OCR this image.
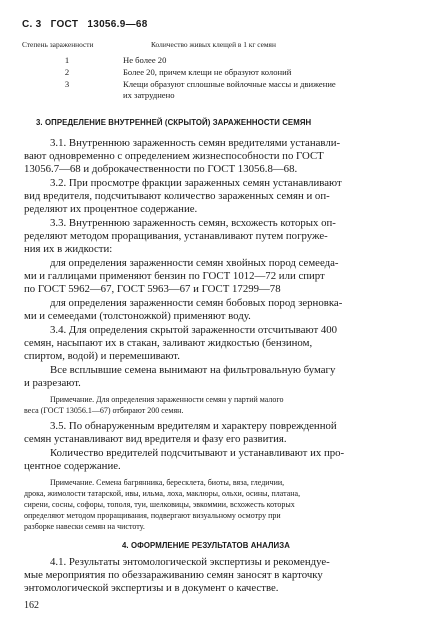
С. 3 ГОСТ 13056.9—68
Степень зараженности	Количество живых клещей в 1 кг семян
1	Не более 20
2	Более 20, причем клещи не образуют колоний
3	Клещи образуют сплошные войлочные массы и движение
их затруднено
3. ОПРЕДЕЛЕНИЕ ВНУТРЕННЕЙ (СКРЫТОЙ) ЗАРАЖЕННОСТИ СЕМЯН
3.1. Внутреннюю зараженность семян вредителями устанавли-
вают одновременно с определением жизнеспособности по ГОСТ
13056.7—68 и доброкачественности по ГОСТ 13056.8—68.
3.2. При просмотре фракции зараженных семян устанавливают
вид вредителя, подсчитывают количество зараженных семян и оп-
ределяют их процентное содержание.
3.3. Внутреннюю зараженность семян, всхожесть которых оп-
ределяют методом проращивания, устанавливают путем погруже-
ния их в жидкости:
для определения зараженности семян хвойных пород семееда-
ми и галлицами применяют бензин по ГОСТ 1012—72 или спирт
по ГОСТ 5962—67, ГОСТ 5963—67 и ГОСТ 17299—78
для определения зараженности семян бобовых пород зерновка-
ми и семеедами (толстоножкой) применяют воду.
3.4. Для определения скрытой зараженности отсчитывают 400
семян, насыпают их в стакан, заливают жидкостью (бензином,
спиртом, водой) и перемешивают.
Все всплывшие семена вынимают на фильтровальную бумагу
и разрезают.
Примечание. Для определения зараженности семян у партий малого
веса (ГОСТ 13056.1—67) отбирают 200 семян.
3.5. По обнаруженным вредителям и характеру поврежденной
семян устанавливают вид вредителя и фазу его развития.
Количество вредителей подсчитывают и устанавливают их про-
центное содержание.
Примечание. Семена багрянника, бересклета, биоты, вяза, гледичии,
дрока, жимолости татарской, ивы, ильма, лоха, маклюры, ольхи, осины, платана,
сирени, сосны, софоры, тополя, туи, шелковицы, эвкоммии, всхожесть которых
определяют методом проращивания, подвергают визуальному осмотру при
разборке навески семян на чистоту.
4. ОФОРМЛЕНИЕ РЕЗУЛЬТАТОВ АНАЛИЗА
4.1. Результаты энтомологической экспертизы и рекомендуе-
мые мероприятия по обеззараживанию семян заносят в карточку
энтомологической экспертизы и в документ о качестве.
162
